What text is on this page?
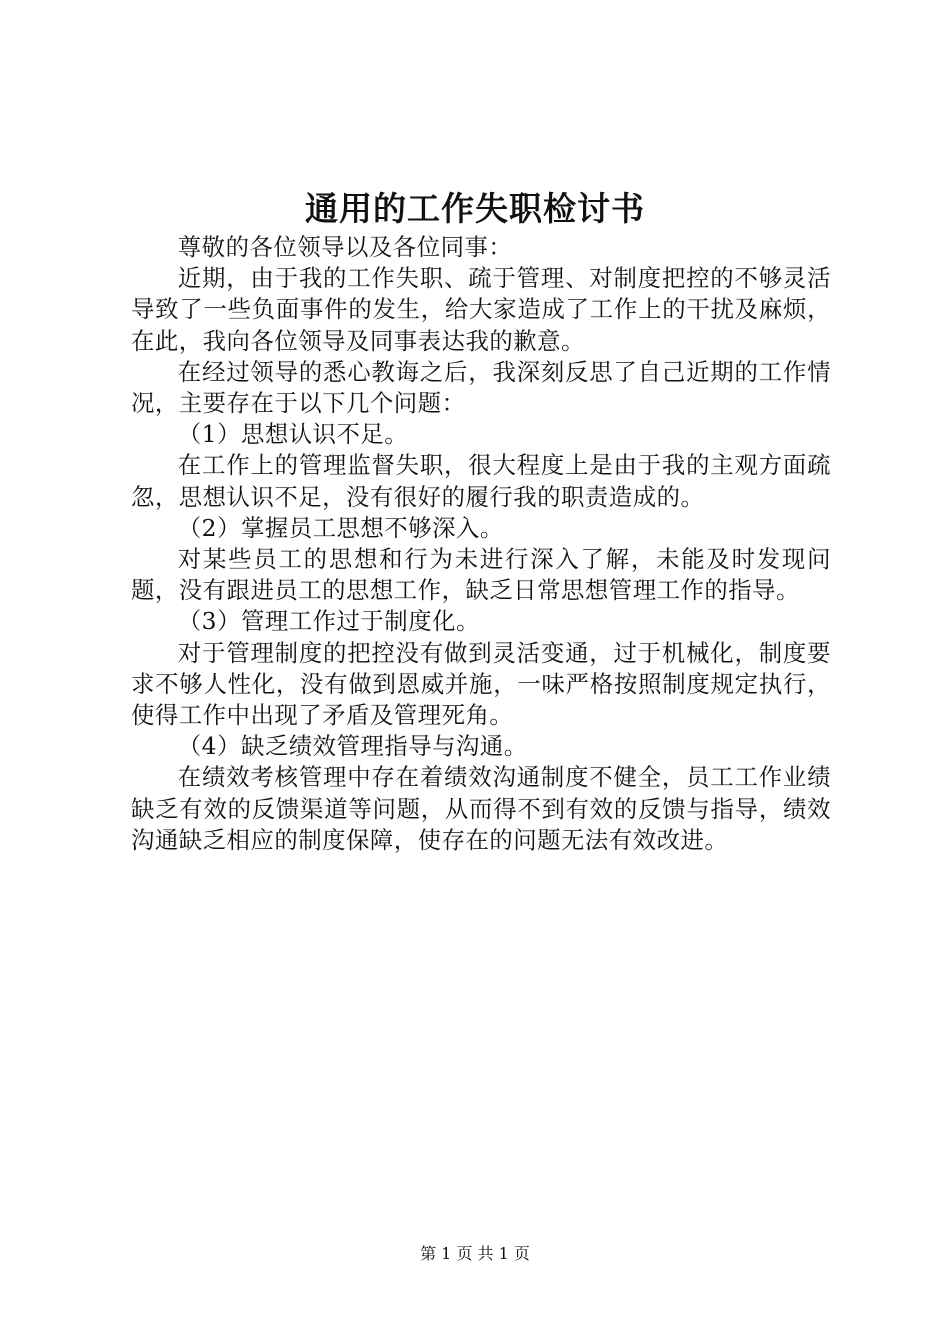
通用的工作失职检讨书

尊敬的各位领导以及各位同事：

近期，由于我的工作失职、疏于管理、对制度把控的不够灵活导致了一些负面事件的发生，给大家造成了工作上的干扰及麻烦，在此，我向各位领导及同事表达我的歉意。

在经过领导的悉心教诲之后，我深刻反思了自己近期的工作情况，主要存在于以下几个问题：

（1）思想认识不足。

在工作上的管理监督失职，很大程度上是由于我的主观方面疏忽，思想认识不足，没有很好的履行我的职责造成的。

（2）掌握员工思想不够深入。

对某些员工的思想和行为未进行深入了解，未能及时发现问题，没有跟进员工的思想工作，缺乏日常思想管理工作的指导。

（3）管理工作过于制度化。

对于管理制度的把控没有做到灵活变通，过于机械化，制度要求不够人性化，没有做到恩威并施，一味严格按照制度规定执行，使得工作中出现了矛盾及管理死角。

（4）缺乏绩效管理指导与沟通。

在绩效考核管理中存在着绩效沟通制度不健全，员工工作业绩缺乏有效的反馈渠道等问题，从而得不到有效的反馈与指导，绩效沟通缺乏相应的制度保障，使存在的问题无法有效改进。

第 1 页 共 1 页
